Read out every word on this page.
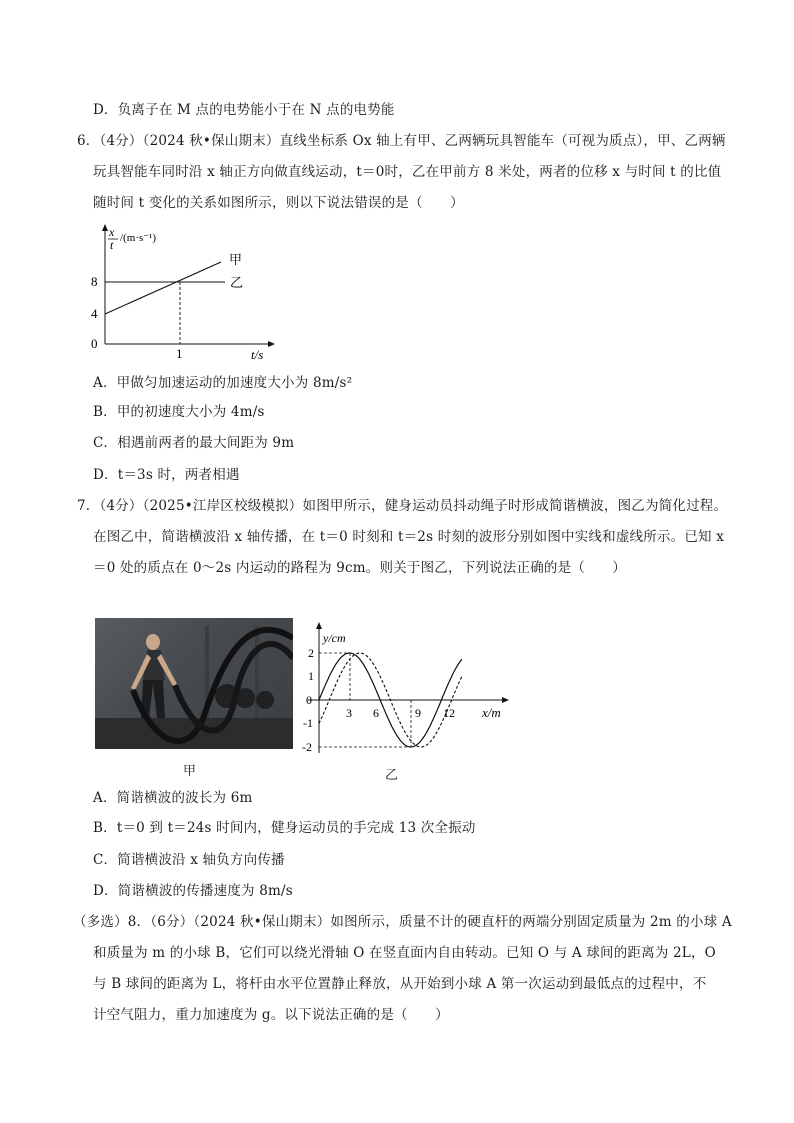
D．负离子在 M 点的电势能小于在 N 点的电势能
6．（4分）（2024 秋•保山期末）直线坐标系 Ox 轴上有甲、乙两辆玩具智能车（可视为质点），甲、乙两辆
玩具智能车同时沿 x 轴正方向做直线运动，t＝0时，乙在甲前方 8 米处，两者的位移 x 与时间 t 的比值
随时间 t 变化的关系如图所示，则以下说法错误的是（　　）
x
t /(m·s⁻¹)
8
4
0
1	t/s
甲
乙
A．甲做匀加速运动的加速度大小为 8m/s²
B．甲的初速度大小为 4m/s
C．相遇前两者的最大间距为 9m
D．t＝3s 时，两者相遇
7．（4分）（2025•江岸区校级模拟）如图甲所示，健身运动员抖动绳子时形成简谐横波，图乙为简化过程。
在图乙中，简谐横波沿 x 轴传播，在 t＝0 时刻和 t＝2s 时刻的波形分别如图中实线和虚线所示。已知 x
＝0 处的质点在 0～2s 内运动的路程为 9cm。则关于图乙，下列说法正确的是（　　）
甲
y/cm
x/m
2
1
0
-1
-2
3 6	9 12
乙
A．简谐横波的波长为 6m
B．t＝0 到 t＝24s 时间内，健身运动员的手完成 13 次全振动
C．简谐横波沿 x 轴负方向传播
D．简谐横波的传播速度为 8m/s
（多选）8．（6分）（2024 秋•保山期末）如图所示，质量不计的硬直杆的两端分别固定质量为 2m 的小球 A
和质量为 m 的小球 B，它们可以绕光滑轴 O 在竖直面内自由转动。已知 O 与 A 球间的距离为 2L，O
与 B 球间的距离为 L，将杆由水平位置静止释放，从开始到小球 A 第一次运动到最低点的过程中，不
计空气阻力，重力加速度为 g。以下说法正确的是（　　）
